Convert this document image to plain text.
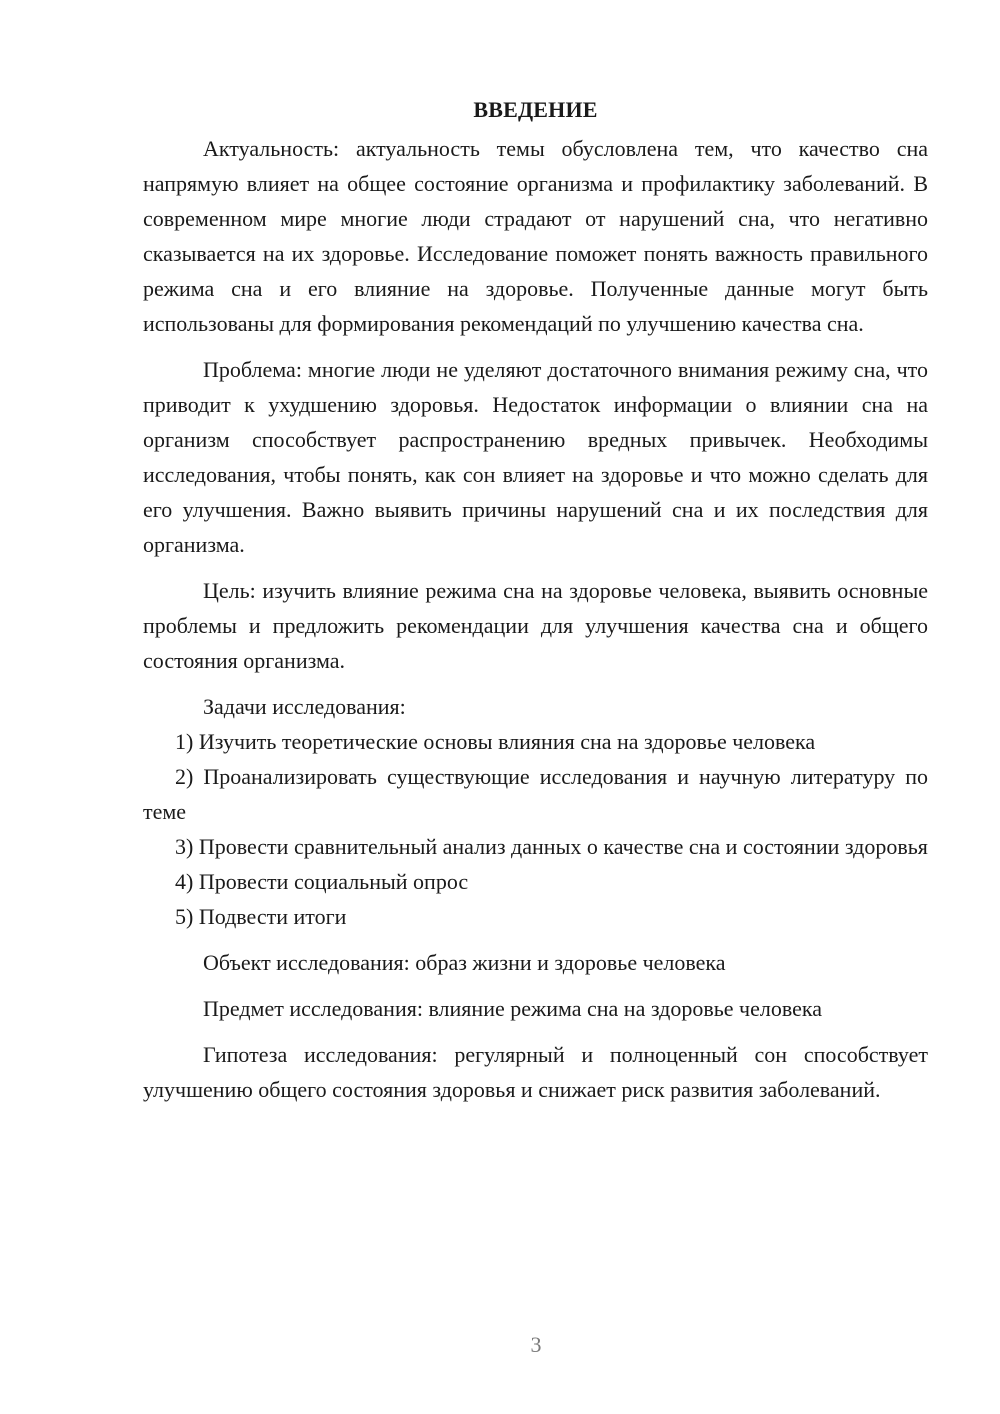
ВВЕДЕНИЕ

Актуальность: актуальность темы обусловлена тем, что качество сна напрямую влияет на общее состояние организма и профилактику заболеваний. В современном мире многие люди страдают от нарушений сна, что негативно сказывается на их здоровье. Исследование поможет понять важность правильного режима сна и его влияние на здоровье. Полученные данные могут быть использованы для формирования рекомендаций по улучшению качества сна.

Проблема: многие люди не уделяют достаточного внимания режиму сна, что приводит к ухудшению здоровья. Недостаток информации о влиянии сна на организм способствует распространению вредных привычек. Необходимы исследования, чтобы понять, как сон влияет на здоровье и что можно сделать для его улучшения. Важно выявить причины нарушений сна и их последствия для организма.

Цель: изучить влияние режима сна на здоровье человека, выявить основные проблемы и предложить рекомендации для улучшения качества сна и общего состояния организма.

Задачи исследования:

1) Изучить теоретические основы влияния сна на здоровье человека

2) Проанализировать существующие исследования и научную литературу по теме

3) Провести сравнительный анализ данных о качестве сна и состоянии здоровья

4) Провести социальный опрос

5) Подвести итоги

Объект исследования: образ жизни и здоровье человека

Предмет исследования: влияние режима сна на здоровье человека

Гипотеза исследования: регулярный и полноценный сон способствует улучшению общего состояния здоровья и снижает риск развития заболеваний.

3
